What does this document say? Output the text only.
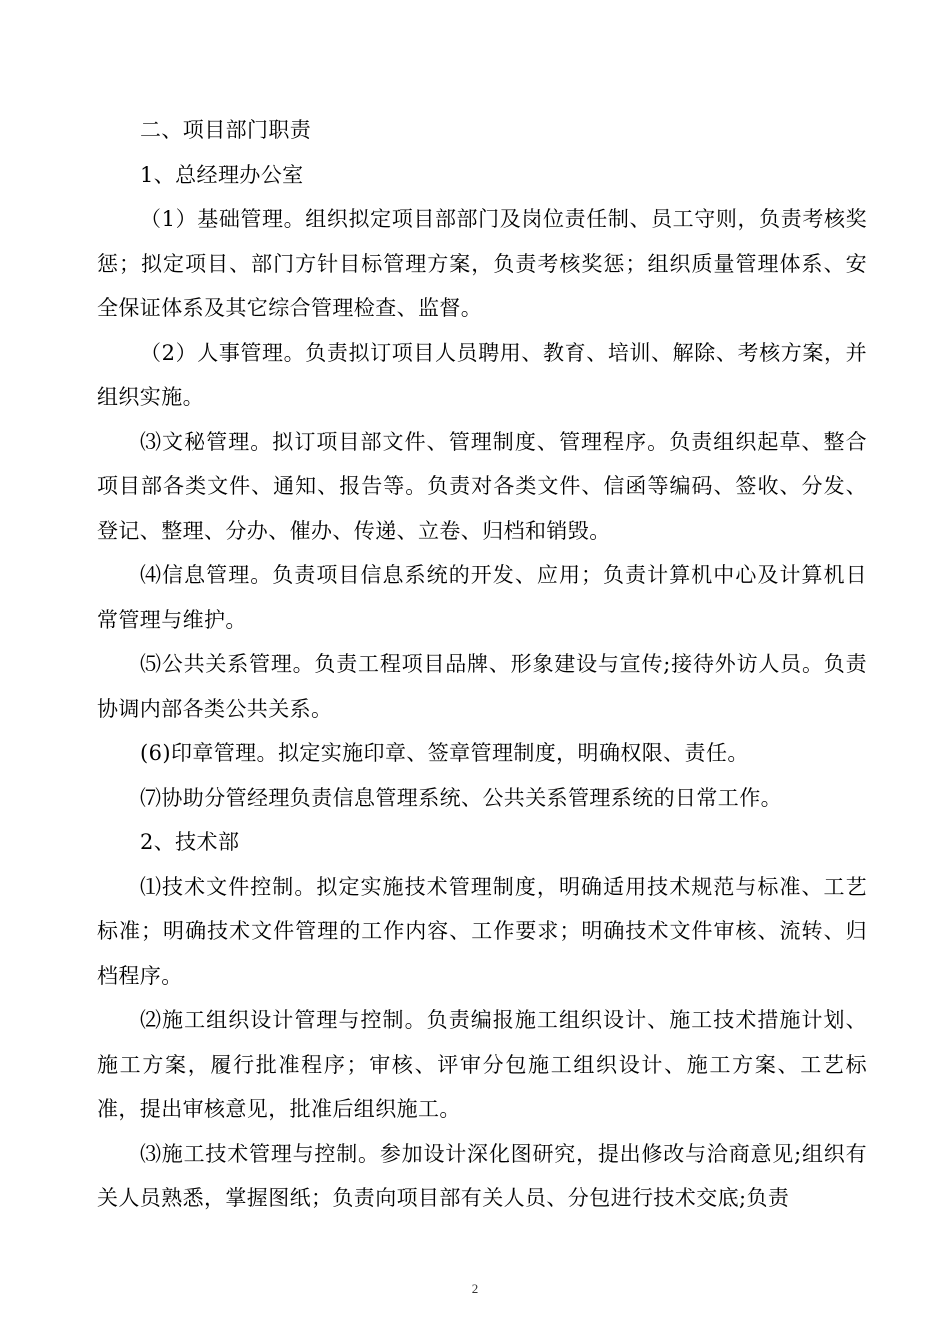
二、项目部门职责

1、总经理办公室

（1）基础管理。组织拟定项目部部门及岗位责任制、员工守则，负责考核奖惩；拟定项目、部门方针目标管理方案，负责考核奖惩；组织质量管理体系、安全保证体系及其它综合管理检查、监督。

（2）人事管理。负责拟订项目人员聘用、教育、培训、解除、考核方案，并组织实施。

⑶文秘管理。拟订项目部文件、管理制度、管理程序。负责组织起草、整合项目部各类文件、通知、报告等。负责对各类文件、信函等编码、签收、分发、登记、整理、分办、催办、传递、立卷、归档和销毁。

⑷信息管理。负责项目信息系统的开发、应用；负责计算机中心及计算机日常管理与维护。

⑸公共关系管理。负责工程项目品牌、形象建设与宣传;接待外访人员。负责协调内部各类公共关系。

(6)印章管理。拟定实施印章、签章管理制度，明确权限、责任。

⑺协助分管经理负责信息管理系统、公共关系管理系统的日常工作。

2、技术部

⑴技术文件控制。拟定实施技术管理制度，明确适用技术规范与标准、工艺标准；明确技术文件管理的工作内容、工作要求；明确技术文件审核、流转、归档程序。

⑵施工组织设计管理与控制。负责编报施工组织设计、施工技术措施计划、施工方案，履行批准程序；审核、评审分包施工组织设计、施工方案、工艺标准，提出审核意见，批准后组织施工。

⑶施工技术管理与控制。参加设计深化图研究，提出修改与洽商意见;组织有关人员熟悉，掌握图纸；负责向项目部有关人员、分包进行技术交底;负责

2
